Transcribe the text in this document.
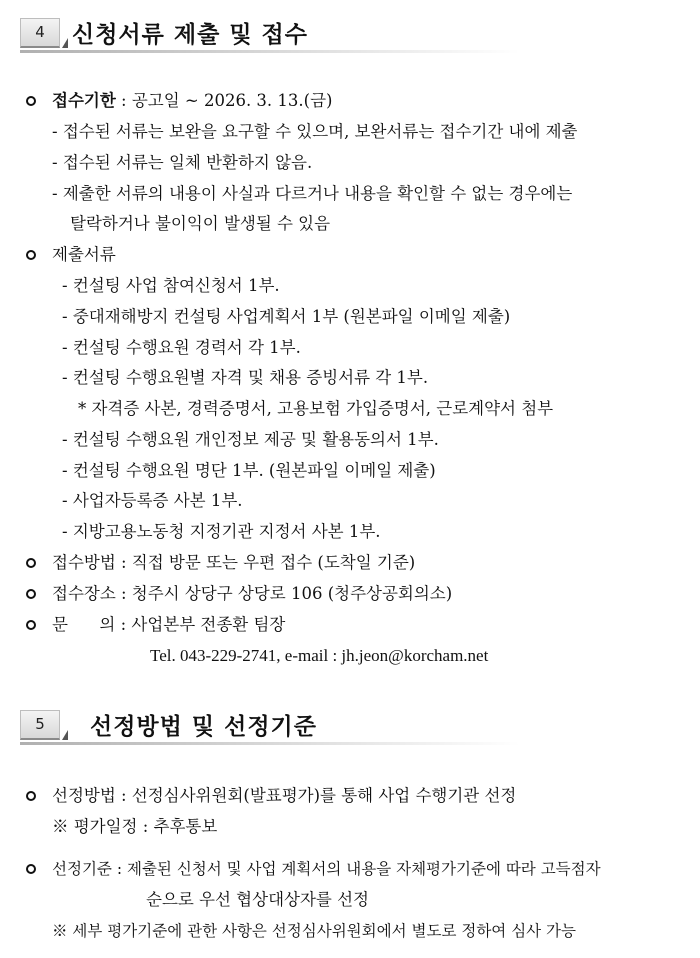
4	신청서류 제출 및 접수
접수기한 : 공고일 ~ 2026. 3. 13.(금)
- 접수된 서류는 보완을 요구할 수 있으며, 보완서류는 접수기간 내에 제출
- 접수된 서류는 일체 반환하지 않음.
- 제출한 서류의 내용이 사실과 다르거나 내용을 확인할 수 없는 경우에는
탈락하거나 불이익이 발생될 수 있음
제출서류
- 컨설팅 사업 참여신청서 1부.
- 중대재해방지 컨설팅 사업계획서 1부 (원본파일 이메일 제출)
- 컨설팅 수행요원 경력서 각 1부.
- 컨설팅 수행요원별 자격 및 채용 증빙서류 각 1부.
* 자격증 사본, 경력증명서, 고용보험 가입증명서, 근로계약서 첨부
- 컨설팅 수행요원 개인정보 제공 및 활용동의서 1부.
- 컨설팅 수행요원 명단 1부. (원본파일 이메일 제출)
- 사업자등록증 사본 1부.
- 지방고용노동청 지정기관 지정서 사본 1부.
접수방법 : 직접 방문 또는 우편 접수 (도착일 기준)
접수장소 : 청주시 상당구 상당로 106 (청주상공회의소)
문      의 : 사업본부 전종환 팀장
Tel. 043-229-2741, e-mail : jh.jeon@korcham.net
5	선정방법 및 선정기준
선정방법 : 선정심사위원회(발표평가)를 통해 사업 수행기관 선정
※ 평가일정 : 추후통보
선정기준 : 제출된 신청서 및 사업 계획서의 내용을 자체평가기준에 따라 고득점자
순으로 우선 협상대상자를 선정
※ 세부 평가기준에 관한 사항은 선정심사위원회에서 별도로 정하여 심사 가능
